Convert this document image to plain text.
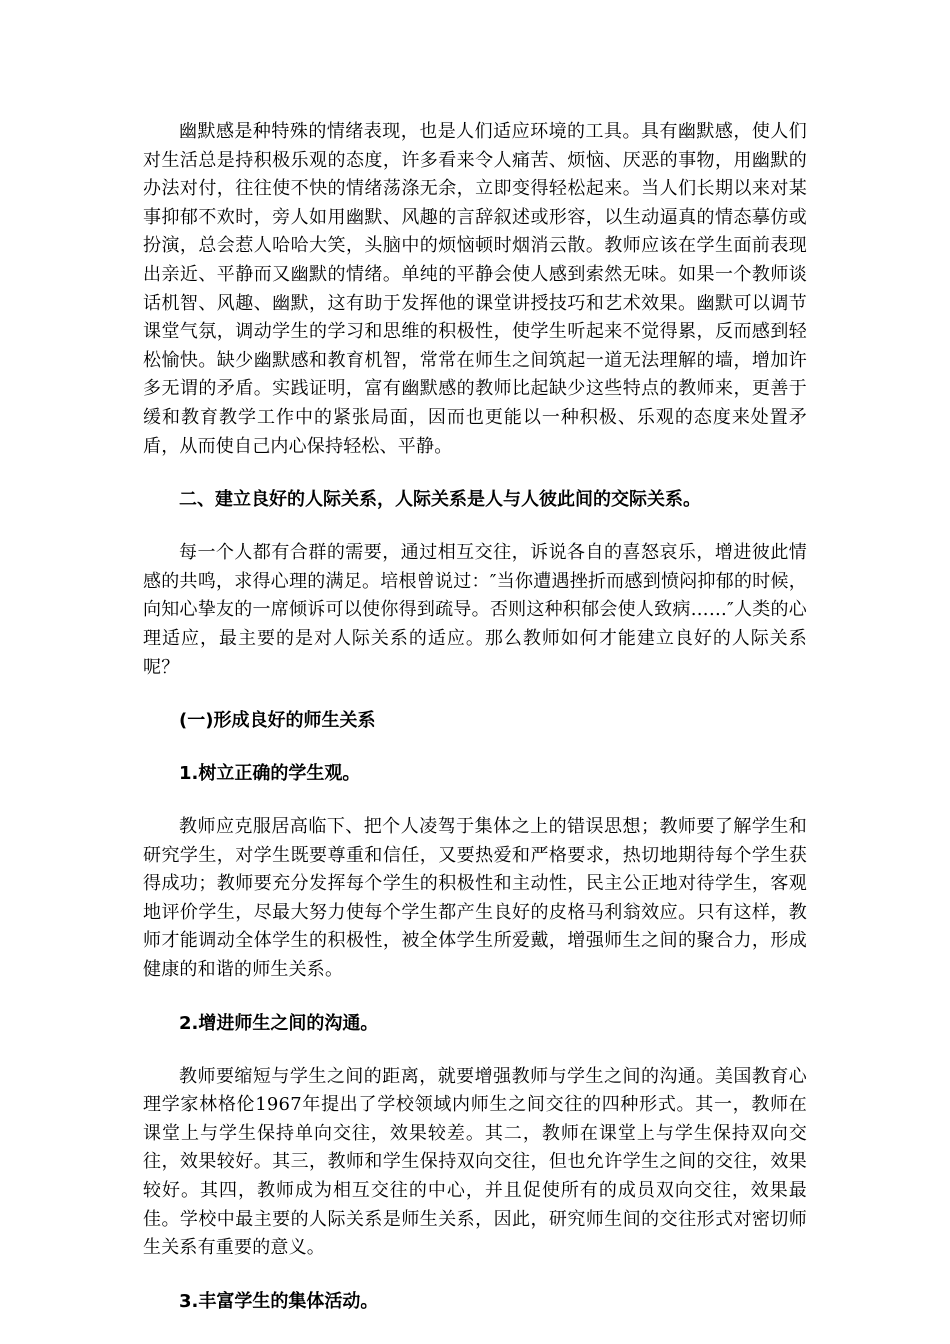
幽默感是种特殊的情绪表现，也是人们适应环境的工具。具有幽默感，使人们对生活总是持积极乐观的态度，许多看来令人痛苦、烦恼、厌恶的事物，用幽默的办法对付，往往使不快的情绪荡涤无余，立即变得轻松起来。当人们长期以来对某事抑郁不欢时，旁人如用幽默、风趣的言辞叙述或形容，以生动逼真的情态摹仿或扮演，总会惹人哈哈大笑，头脑中的烦恼顿时烟消云散。教师应该在学生面前表现出亲近、平静而又幽默的情绪。单纯的平静会使人感到索然无味。如果一个教师谈话机智、风趣、幽默，这有助于发挥他的课堂讲授技巧和艺术效果。幽默可以调节课堂气氛，调动学生的学习和思维的积极性，使学生听起来不觉得累，反而感到轻松愉快。缺少幽默感和教育机智，常常在师生之间筑起一道无法理解的墙，增加许多无谓的矛盾。实践证明，富有幽默感的教师比起缺少这些特点的教师来，更善于缓和教育教学工作中的紧张局面，因而也更能以一种积极、乐观的态度来处置矛盾，从而使自己内心保持轻松、平静。

二、建立良好的人际关系，人际关系是人与人彼此间的交际关系。

每一个人都有合群的需要，通过相互交往，诉说各自的喜怒哀乐，增进彼此情感的共鸣，求得心理的满足。培根曾说过：″当你遭遇挫折而感到愤闷抑郁的时候，向知心挚友的一席倾诉可以使你得到疏导。否则这种积郁会使人致病……″人类的心理适应，最主要的是对人际关系的适应。那么教师如何才能建立良好的人际关系呢？

(一)形成良好的师生关系

1.树立正确的学生观。

教师应克服居高临下、把个人凌驾于集体之上的错误思想；教师要了解学生和研究学生，对学生既要尊重和信任，又要热爱和严格要求，热切地期待每个学生获得成功；教师要充分发挥每个学生的积极性和主动性，民主公正地对待学生，客观地评价学生，尽最大努力使每个学生都产生良好的皮格马利翁效应。只有这样，教师才能调动全体学生的积极性，被全体学生所爱戴，增强师生之间的聚合力，形成健康的和谐的师生关系。

2.增进师生之间的沟通。

教师要缩短与学生之间的距离，就要增强教师与学生之间的沟通。美国教育心理学家林格伦1967年提出了学校领域内师生之间交往的四种形式。其一，教师在课堂上与学生保持单向交往，效果较差。其二，教师在课堂上与学生保持双向交往，效果较好。其三，教师和学生保持双向交往，但也允许学生之间的交往，效果较好。其四，教师成为相互交往的中心，并且促使所有的成员双向交往，效果最佳。学校中最主要的人际关系是师生关系，因此，研究师生间的交往形式对密切师生关系有重要的意义。

3.丰富学生的集体活动。
